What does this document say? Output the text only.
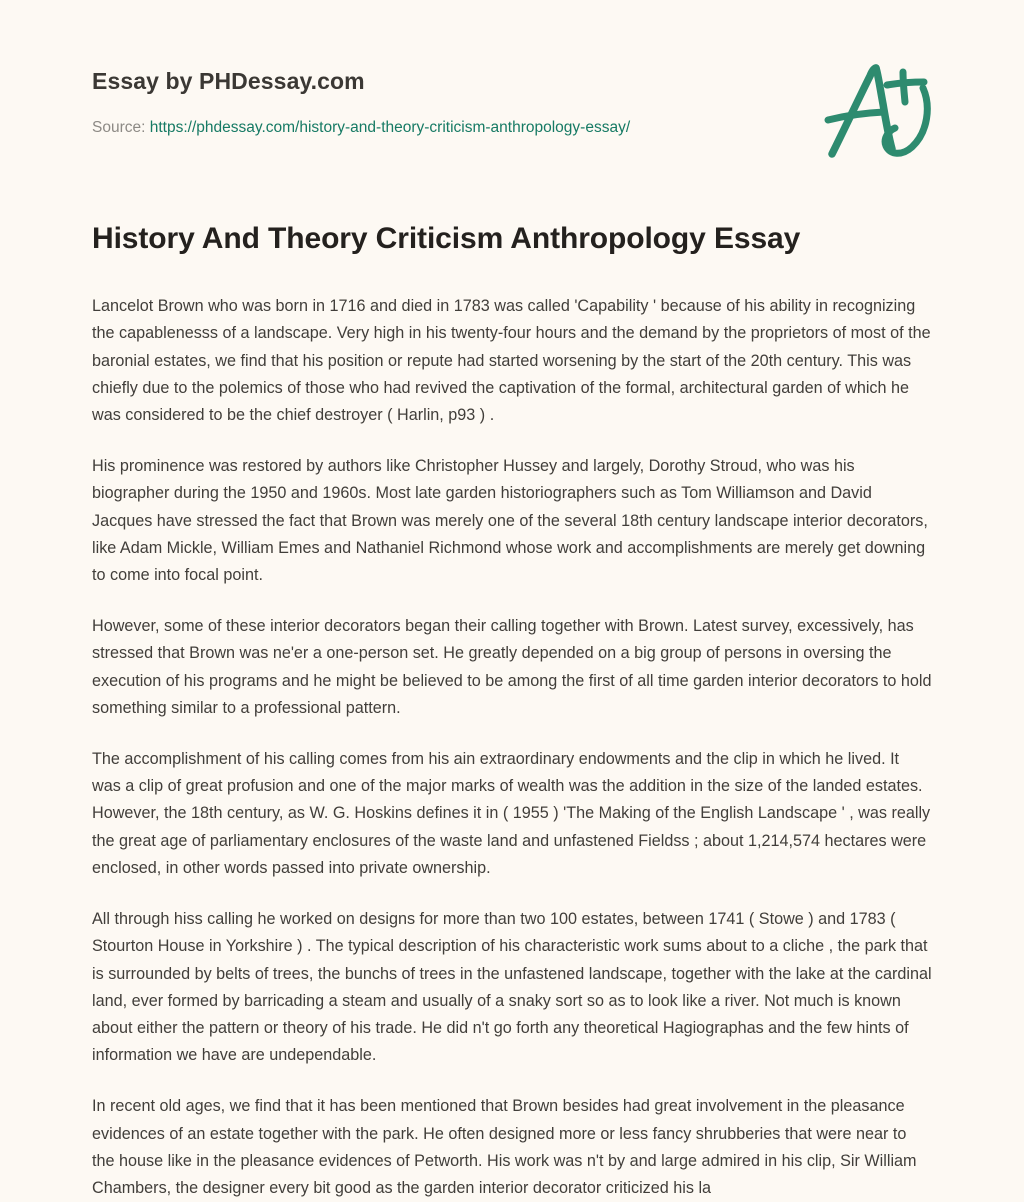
Essay by PHDessay.com
Source: https://phdessay.com/history-and-theory-criticism-anthropology-essay/
History And Theory Criticism Anthropology Essay

Lancelot Brown who was born in 1716 and died in 1783 was called 'Capability ' because of his ability in recognizing the capablenesss of a landscape. Very high in his twenty-four hours and the demand by the proprietors of most of the baronial estates, we find that his position or repute had started worsening by the start of the 20th century. This was chiefly due to the polemics of those who had revived the captivation of the formal, architectural garden of which he was considered to be the chief destroyer ( Harlin, p93 ) .

His prominence was restored by authors like Christopher Hussey and largely, Dorothy Stroud, who was his biographer during the 1950 and 1960s. Most late garden historiographers such as Tom Williamson and David Jacques have stressed the fact that Brown was merely one of the several 18th century landscape interior decorators, like Adam Mickle, William Emes and Nathaniel Richmond whose work and accomplishments are merely get downing to come into focal point.

However, some of these interior decorators began their calling together with Brown. Latest survey, excessively, has stressed that Brown was ne'er a one-person set. He greatly depended on a big group of persons in oversing the execution of his programs and he might be believed to be among the first of all time garden interior decorators to hold something similar to a professional pattern.

The accomplishment of his calling comes from his ain extraordinary endowments and the clip in which he lived. It was a clip of great profusion and one of the major marks of wealth was the addition in the size of the landed estates. However, the 18th century, as W. G. Hoskins defines it in ( 1955 ) 'The Making of the English Landscape ' , was really the great age of parliamentary enclosures of the waste land and unfastened Fieldss ; about 1,214,574 hectares were enclosed, in other words passed into private ownership.

All through hiss calling he worked on designs for more than two 100 estates, between 1741 ( Stowe ) and 1783 ( Stourton House in Yorkshire ) . The typical description of his characteristic work sums about to a cliche , the park that is surrounded by belts of trees, the bunchs of trees in the unfastened landscape, together with the lake at the cardinal land, ever formed by barricading a steam and usually of a snaky sort so as to look like a river. Not much is known about either the pattern or theory of his trade. He did n't go forth any theoretical Hagiographas and the few hints of information we have are undependable.

In recent old ages, we find that it has been mentioned that Brown besides had great involvement in the pleasance evidences of an estate together with the park. He often designed more or less fancy shrubberies that were near to the house like in the pleasance evidences of Petworth. His work was n't by and large admired in his clip, Sir William Chambers, the designer every bit good as the garden interior decorator criticized his la
